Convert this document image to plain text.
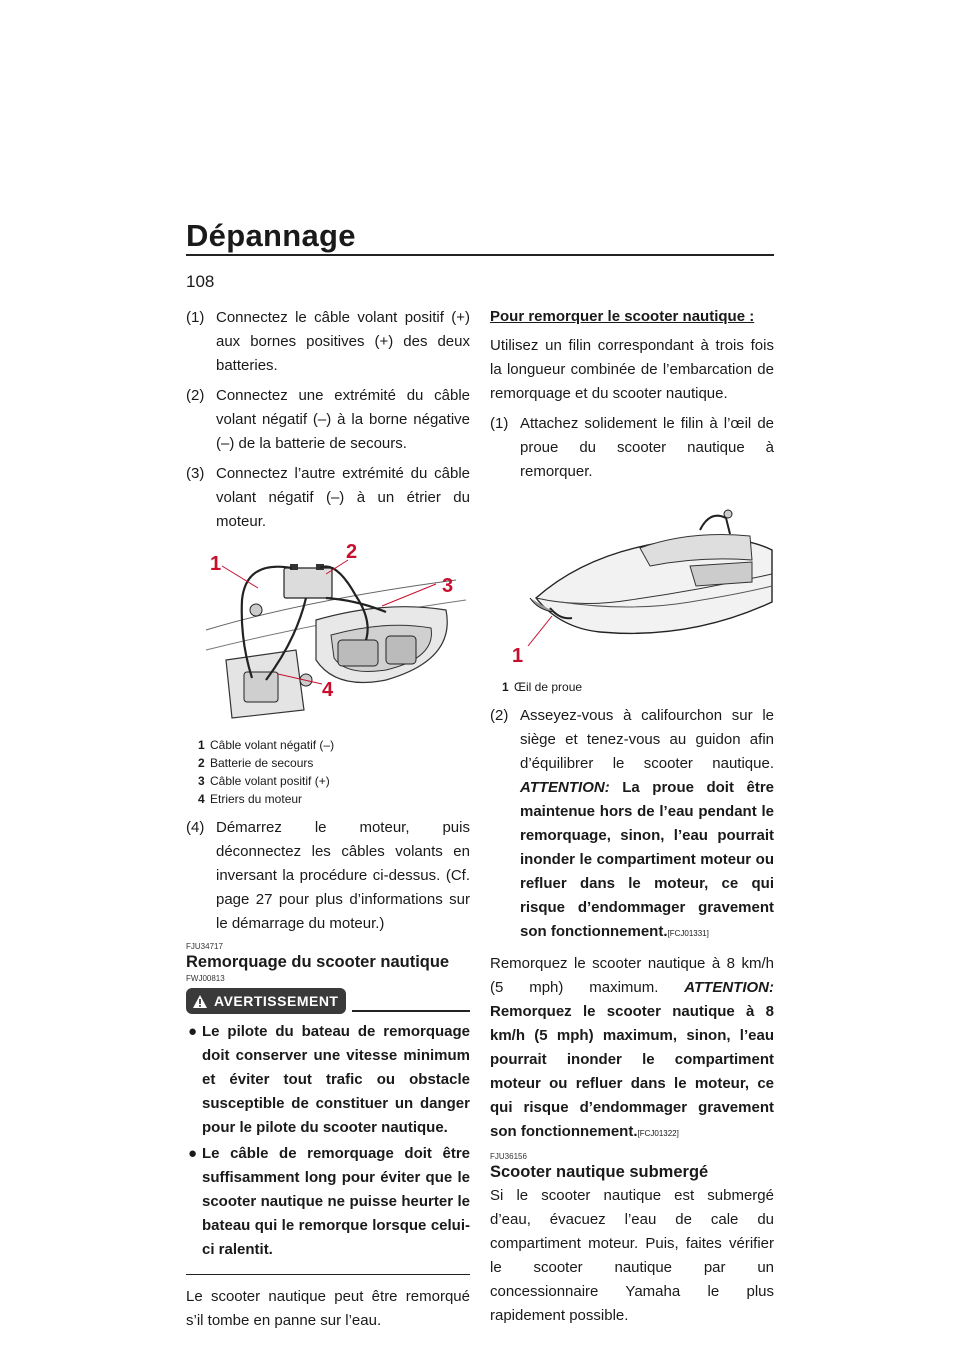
Dépannage
108
(1) Connectez le câble volant positif (+) aux bornes positives (+) des deux batteries.
(2) Connectez une extrémité du câble volant négatif (–) à la borne négative (–) de la batterie de secours.
(3) Connectez l’autre extrémité du câble volant négatif (–) à un étrier du moteur.
1
2
3
4
1 Câble volant négatif (–)
2 Batterie de secours
3 Câble volant positif (+)
4 Etriers du moteur
(4) Démarrez le moteur, puis déconnectez les câbles volants en inversant la procédure ci-dessus. (Cf. page 27 pour plus d’informations sur le démarrage du moteur.)
FJU34717
Remorquage du scooter nautique
FWJ00813
AVERTISSEMENT
● Le pilote du bateau de remorquage doit conserver une vitesse minimum et éviter tout trafic ou obstacle susceptible de constituer un danger pour le pilote du scooter nautique.
● Le câble de remorquage doit être suffisamment long pour éviter que le scooter nautique ne puisse heurter le bateau qui le remorque lorsque celui-ci ralentit.

Le scooter nautique peut être remorqué s’il tombe en panne sur l’eau.

Pour remorquer le scooter nautique :

Utilisez un filin correspondant à trois fois la longueur combinée de l’embarcation de remorquage et du scooter nautique.

(1) Attachez solidement le filin à l’œil de proue du scooter nautique à remorquer.
1
1 Œil de proue
(2) Asseyez-vous à califourchon sur le siège et tenez-vous au guidon afin d’équilibrer le scooter nautique. ATTENTION: La proue doit être maintenue hors de l’eau pendant le remorquage, sinon, l’eau pourrait inonder le compartiment moteur ou refluer dans le moteur, ce qui risque d’endommager gravement son fonctionnement.[FCJ01331]

Remorquez le scooter nautique à 8 km/h (5 mph) maximum. ATTENTION: Remorquez le scooter nautique à 8 km/h (5 mph) maximum, sinon, l’eau pourrait inonder le compartiment moteur ou refluer dans le moteur, ce qui risque d’endommager gravement son fonctionnement.[FCJ01322]

FJU36156
Scooter nautique submergé

Si le scooter nautique est submergé d’eau, évacuez l’eau de cale du compartiment moteur. Puis, faites vérifier le scooter nautique par un concessionnaire Yamaha le plus rapidement possible.
